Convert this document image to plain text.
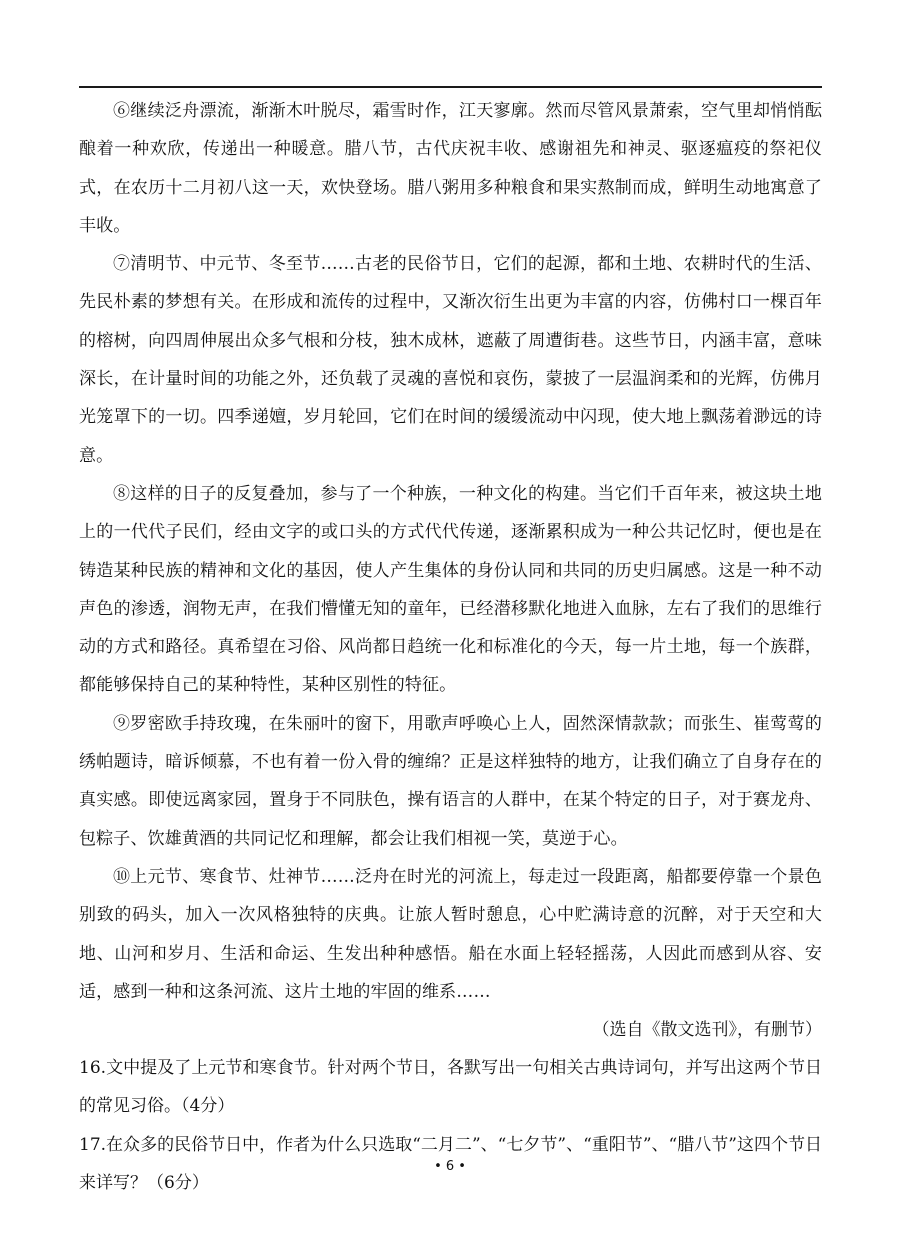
⑥继续泛舟漂流，渐渐木叶脱尽，霜雪时作，江天寥廓。然而尽管风景萧索，空气里却悄悄酝酿着一种欢欣，传递出一种暖意。腊八节，古代庆祝丰收、感谢祖先和神灵、驱逐瘟疫的祭祀仪式，在农历十二月初八这一天，欢快登场。腊八粥用多种粮食和果实熬制而成，鲜明生动地寓意了丰收。

⑦清明节、中元节、冬至节……古老的民俗节日，它们的起源，都和土地、农耕时代的生活、先民朴素的梦想有关。在形成和流传的过程中，又渐次衍生出更为丰富的内容，仿佛村口一棵百年的榕树，向四周伸展出众多气根和分枝，独木成林，遮蔽了周遭街巷。这些节日，内涵丰富，意味深长，在计量时间的功能之外，还负载了灵魂的喜悦和哀伤，蒙披了一层温润柔和的光辉，仿佛月光笼罩下的一切。四季递嬗，岁月轮回，它们在时间的缓缓流动中闪现，使大地上飘荡着渺远的诗意。

⑧这样的日子的反复叠加，参与了一个种族，一种文化的构建。当它们千百年来，被这块土地上的一代代子民们，经由文字的或口头的方式代代传递，逐渐累积成为一种公共记忆时，便也是在铸造某种民族的精神和文化的基因，使人产生集体的身份认同和共同的历史归属感。这是一种不动声色的渗透，润物无声，在我们懵懂无知的童年，已经潜移默化地进入血脉，左右了我们的思维行动的方式和路径。真希望在习俗、风尚都日趋统一化和标准化的今天，每一片土地，每一个族群，都能够保持自己的某种特性，某种区别性的特征。

⑨罗密欧手持玫瑰，在朱丽叶的窗下，用歌声呼唤心上人，固然深情款款；而张生、崔莺莺的绣帕题诗，暗诉倾慕，不也有着一份入骨的缠绵？正是这样独特的地方，让我们确立了自身存在的真实感。即使远离家园，置身于不同肤色，操有语言的人群中，在某个特定的日子，对于赛龙舟、包粽子、饮雄黄酒的共同记忆和理解，都会让我们相视一笑，莫逆于心。

⑩上元节、寒食节、灶神节……泛舟在时光的河流上，每走过一段距离，船都要停靠一个景色别致的码头，加入一次风格独特的庆典。让旅人暂时憩息，心中贮满诗意的沉醉，对于天空和大地、山河和岁月、生活和命运、生发出种种感悟。船在水面上轻轻摇荡，人因此而感到从容、安适，感到一种和这条河流、这片土地的牢固的维系……

（选自《散文选刊》，有删节）

16.文中提及了上元节和寒食节。针对两个节日，各默写出一句相关古典诗词句，并写出这两个节日的常见习俗。（4分）

17.在众多的民俗节日中，作者为什么只选取“二月二”、“七夕节”、“重阳节”、“腊八节”这四个节日来详写？（6分）

• 6 •
